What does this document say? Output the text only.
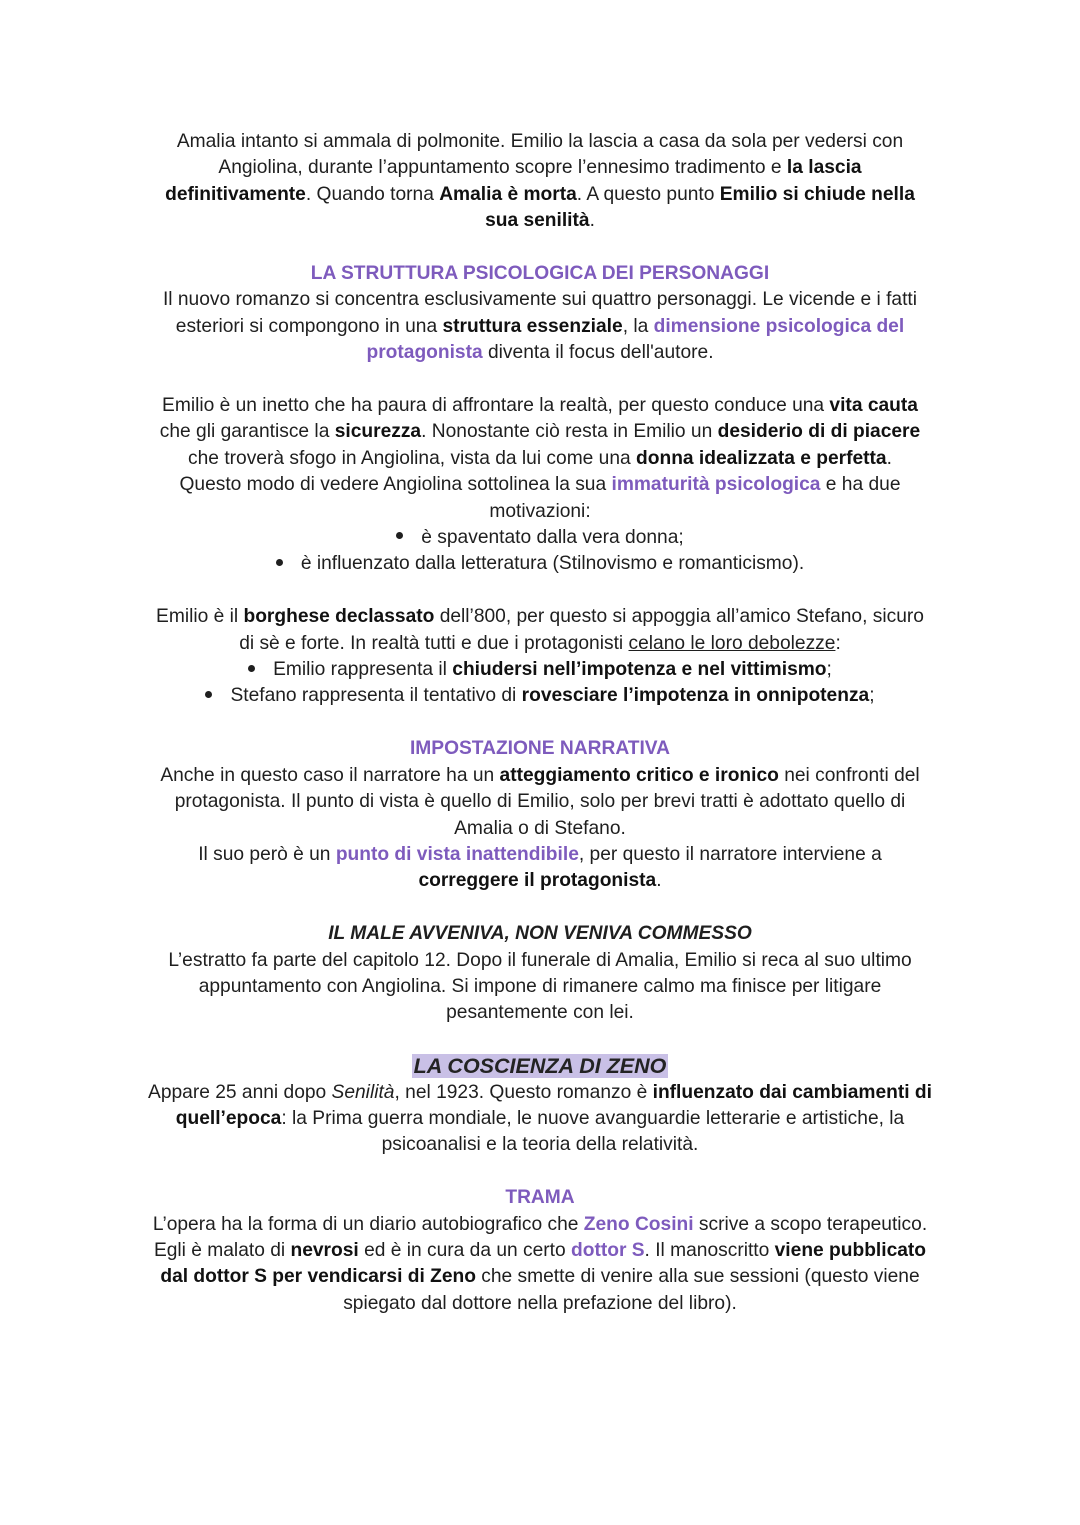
Amalia intanto si ammala di polmonite. Emilio la lascia a casa da sola per vedersi con
Angiolina, durante l’appuntamento scopre l’ennesimo tradimento e la lascia
definitivamente. Quando torna Amalia è morta. A questo punto Emilio si chiude nella
sua senilità.
LA STRUTTURA PSICOLOGICA DEI PERSONAGGI
Il nuovo romanzo si concentra esclusivamente sui quattro personaggi. Le vicende e i fatti
esteriori si compongono in una struttura essenziale, la dimensione psicologica del
protagonista diventa il focus dell'autore.
Emilio è un inetto che ha paura di affrontare la realtà, per questo conduce una vita cauta
che gli garantisce la sicurezza. Nonostante ciò resta in Emilio un desiderio di di piacere
che troverà sfogo in Angiolina, vista da lui come una donna idealizzata e perfetta.
Questo modo di vedere Angiolina sottolinea la sua immaturità psicologica e ha due
motivazioni:
è spaventato dalla vera donna;
è influenzato dalla letteratura (Stilnovismo e romanticismo).
Emilio è il borghese declassato dell’800, per questo si appoggia all’amico Stefano, sicuro
di sè e forte. In realtà tutti e due i protagonisti celano le loro debolezze:
Emilio rappresenta il chiudersi nell’impotenza e nel vittimismo;
Stefano rappresenta il tentativo di rovesciare l’impotenza in onnipotenza;
IMPOSTAZIONE NARRATIVA
Anche in questo caso il narratore ha un atteggiamento critico e ironico nei confronti del
protagonista. Il punto di vista è quello di Emilio, solo per brevi tratti è adottato quello di
Amalia o di Stefano.
Il suo però è un punto di vista inattendibile, per questo il narratore interviene a
correggere il protagonista.
IL MALE AVVENIVA, NON VENIVA COMMESSO
L’estratto fa parte del capitolo 12. Dopo il funerale di Amalia, Emilio si reca al suo ultimo
appuntamento con Angiolina. Si impone di rimanere calmo ma finisce per litigare
pesantemente con lei.
LA COSCIENZA DI ZENO
Appare 25 anni dopo Senilità, nel 1923. Questo romanzo è influenzato dai cambiamenti di
quell’epoca: la Prima guerra mondiale, le nuove avanguardie letterarie e artistiche, la
psicoanalisi e la teoria della relatività.
TRAMA
L’opera ha la forma di un diario autobiografico che Zeno Cosini scrive a scopo terapeutico.
Egli è malato di nevrosi ed è in cura da un certo dottor S. Il manoscritto viene pubblicato
dal dottor S per vendicarsi di Zeno che smette di venire alla sue sessioni (questo viene
spiegato dal dottore nella prefazione del libro).
